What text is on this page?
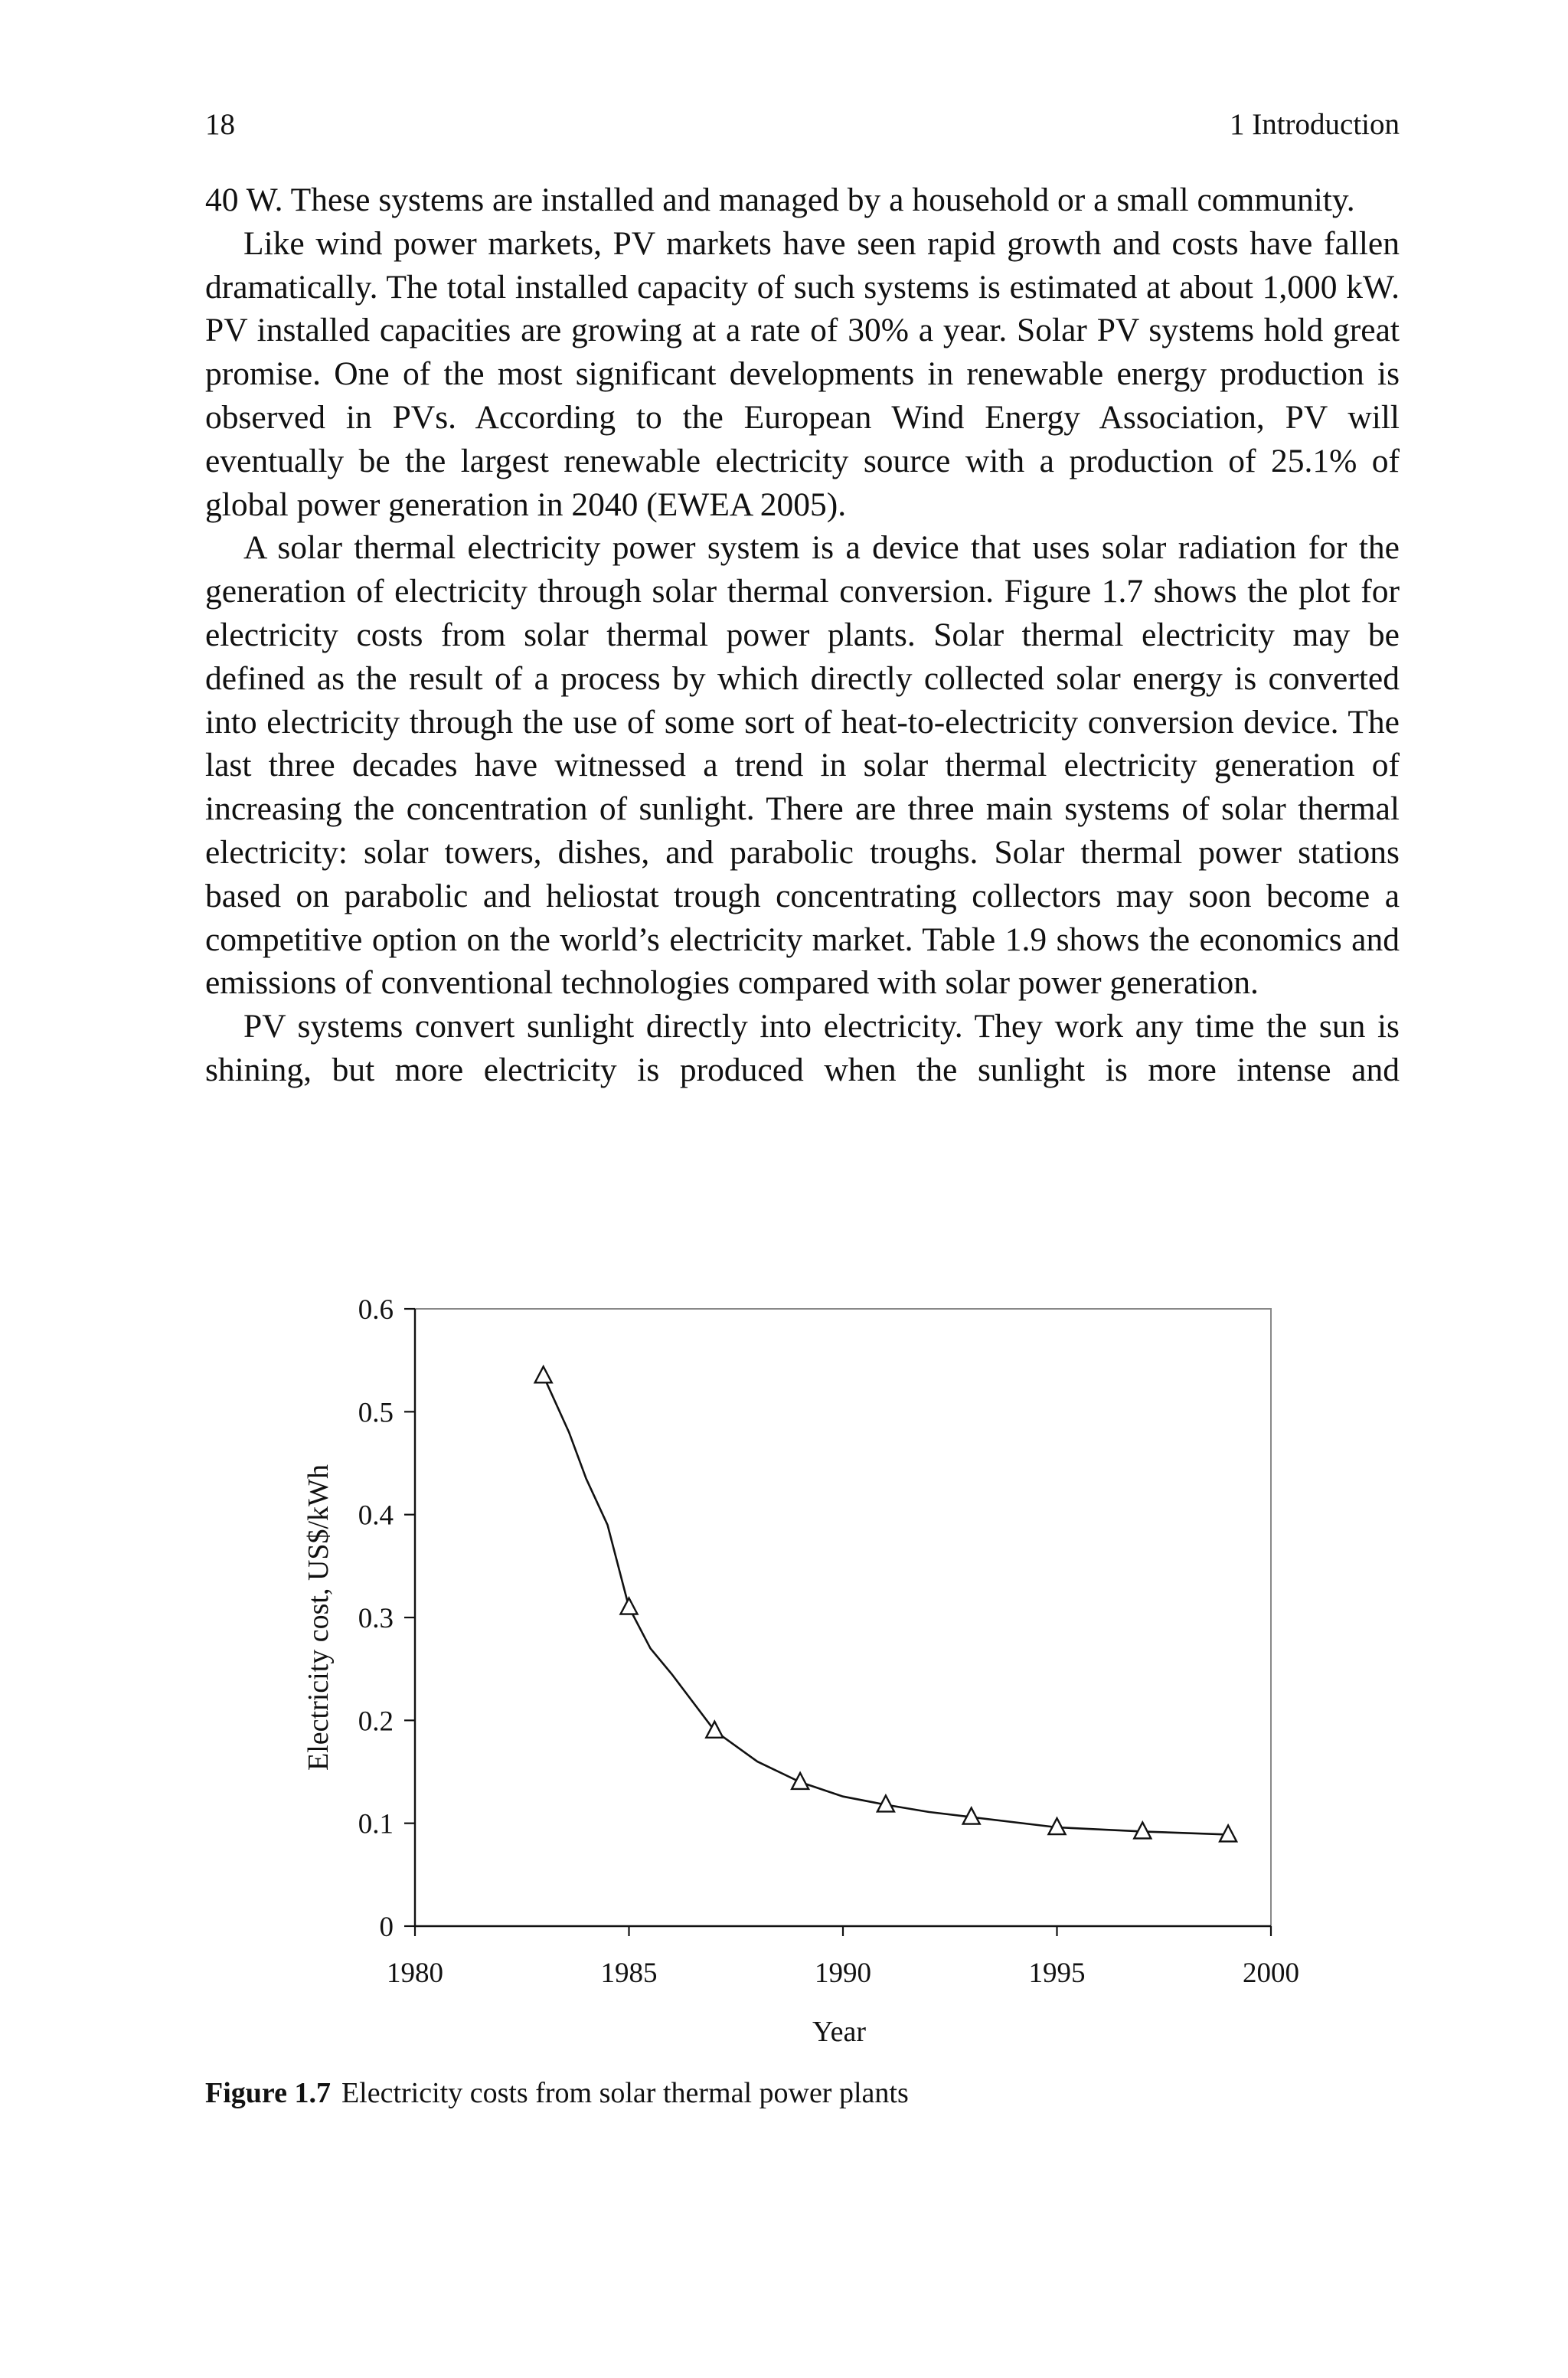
18	1 Introduction

40 W. These systems are installed and managed by a household or a small community.

Like wind power markets, PV markets have seen rapid growth and costs have fallen dramatically. The total installed capacity of such systems is estimated at about 1,000 kW. PV installed capacities are growing at a rate of 30% a year. Solar PV systems hold great promise. One of the most significant developments in renewable energy production is observed in PVs. According to the European Wind Energy Association, PV will eventually be the largest renewable electricity source with a production of 25.1% of global power generation in 2040 (EWEA 2005).

A solar thermal electricity power system is a device that uses solar radiation for the generation of electricity through solar thermal conversion. Figure 1.7 shows the plot for electricity costs from solar thermal power plants. Solar thermal electricity may be defined as the result of a process by which directly collected solar energy is converted into electricity through the use of some sort of heat-to-electricity conversion device. The last three decades have witnessed a trend in solar thermal electricity generation of increasing the concentration of sunlight. There are three main systems of solar thermal electricity: solar towers, dishes, and parabolic troughs. Solar thermal power stations based on parabolic and heliostat trough concentrating collectors may soon become a competitive option on the world’s electricity market. Table 1.9 shows the economics and emissions of conventional technologies compared with solar power generation.

PV systems convert sunlight directly into electricity. They work any time the sun is shining, but more electricity is produced when the sunlight is more intense and

0
0.1
0.2
0.3
0.4
0.5
0.6
1980	1985	1990	1995	2000
Year
Electricity cost, US$/kWh
Figure 1.7 Electricity costs from solar thermal power plants
